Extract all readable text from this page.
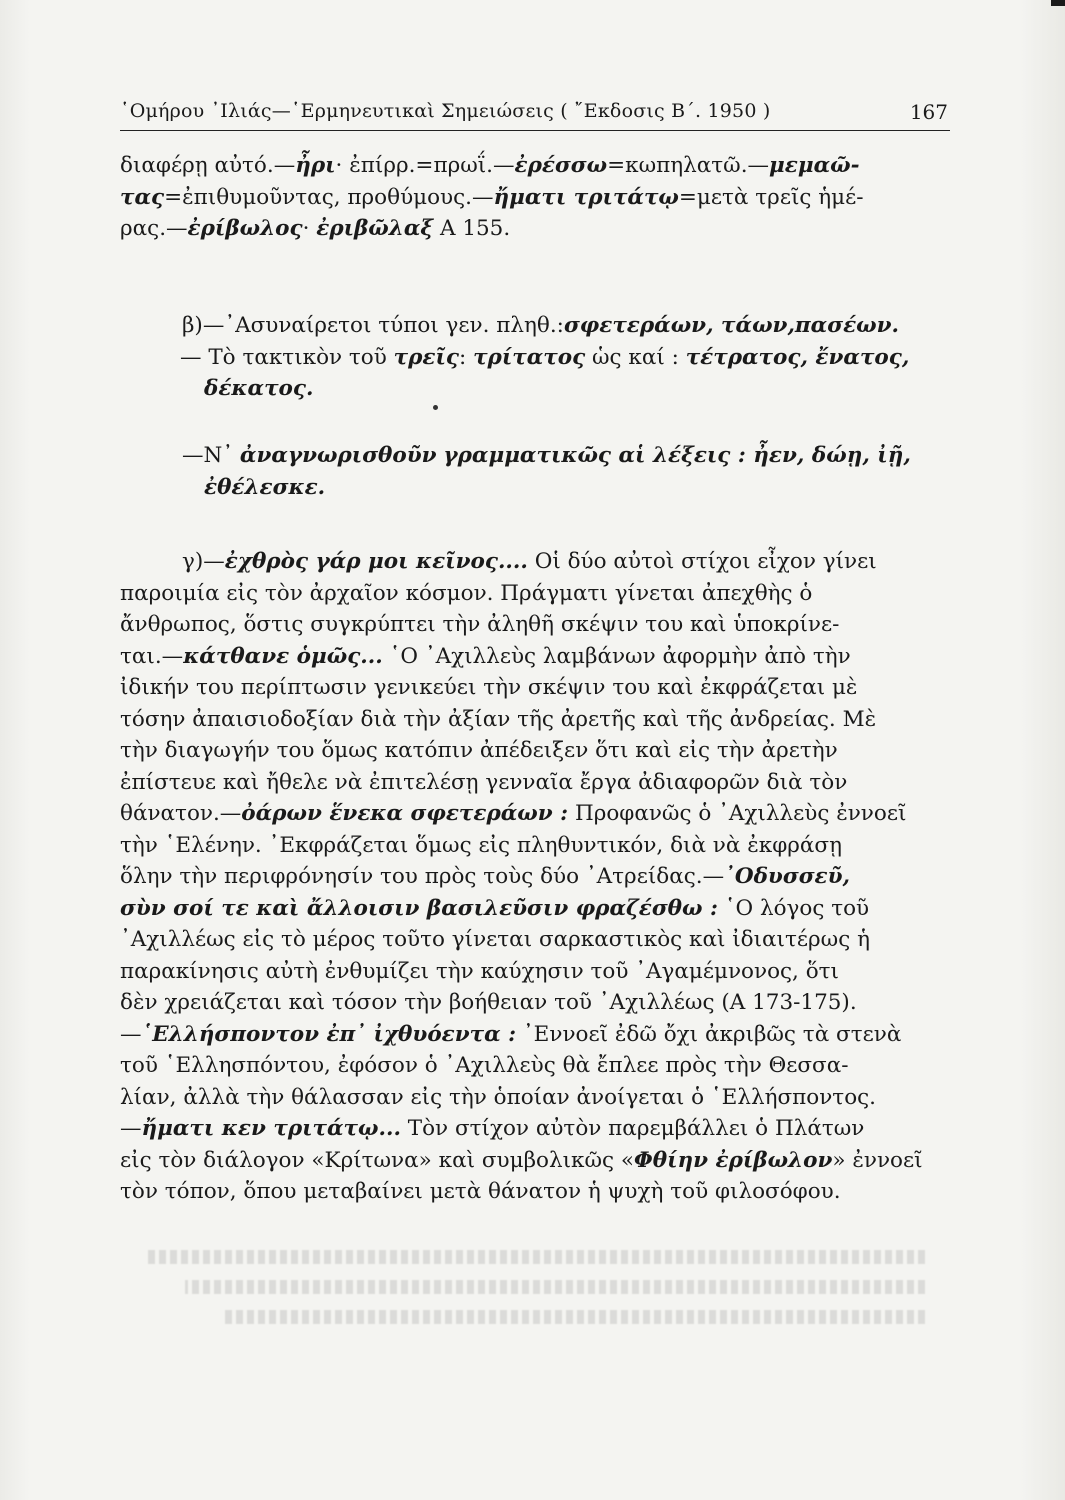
῾Ομήρου ᾽Ιλιάς—῾Ερμηνευτικαὶ Σημειώσεις ( ῎Εκδοσις Β΄. 1950 )	167
διαφέρῃ αὐτό.—ἦρι· ἐπίρρ.=πρωΐ.—ἐρέσσω=κωπηλατῶ.—μεμαῶ-
τας=ἐπιθυμοῦντας, προθύμους.—ἤματι τριτάτῳ=μετὰ τρεῖς ἡμέ-
ρας.—ἐρίβωλος· ἐριβῶλαξ Α 155.
β)—᾽Ασυναίρετοι τύποι γεν. πληθ.:σφετεράων, τάων,πασέων.
— Τὸ τακτικὸν τοῦ τρεῖς: τρίτατος ὡς καί : τέτρατος, ἔνατος,
δέκατος.
—Ν᾽ ἀναγνωρισθοῦν γραμματικῶς αἱ λέξεις : ἦεν, δώῃ, ἰῇ,
ἐθέλεσκε.
γ)—ἐχθρὸς γάρ μοι κεῖνος.... Οἱ δύο αὐτοὶ στίχοι εἶχον γίνει
παροιμία εἰς τὸν ἀρχαῖον κόσμον. Πράγματι γίνεται ἀπεχθὴς ὁ
ἄνθρωπος, ὅστις συγκρύπτει τὴν ἀληθῆ σκέψιν του καὶ ὑποκρίνε-
ται.—κάτθανε ὁμῶς... ῾Ο ᾽Αχιλλεὺς λαμβάνων ἀφορμὴν ἀπὸ τὴν
ἰδικήν του περίπτωσιν γενικεύει τὴν σκέψιν του καὶ ἐκφράζεται μὲ
τόσην ἀπαισιοδοξίαν διὰ τὴν ἀξίαν τῆς ἀρετῆς καὶ τῆς ἀνδρείας. Μὲ
τὴν διαγωγήν του ὅμως κατόπιν ἀπέδειξεν ὅτι καὶ εἰς τὴν ἀρετὴν
ἐπίστευε καὶ ἤθελε νὰ ἐπιτελέσῃ γενναῖα ἔργα ἀδιαφορῶν διὰ τὸν
θάνατον.—ὀάρων ἕνεκα σφετεράων : Προφανῶς ὁ ᾽Αχιλλεὺς ἐννοεῖ
τὴν ῾Ελένην. ᾽Εκφράζεται ὅμως εἰς πληθυντικόν, διὰ νὰ ἐκφράσῃ
ὅλην τὴν περιφρόνησίν του πρὸς τοὺς δύο ᾽Ατρείδας.—᾽Οδυσσεῦ,
σὺν σοί τε καὶ ἄλλοισιν βασιλεῦσιν φραζέσθω : ῾Ο λόγος τοῦ
᾽Αχιλλέως εἰς τὸ μέρος τοῦτο γίνεται σαρκαστικὸς καὶ ἰδιαιτέρως ἡ
παρακίνησις αὐτὴ ἐνθυμίζει τὴν καύχησιν τοῦ ᾽Αγαμέμνονος, ὅτι
δὲν χρειάζεται καὶ τόσον τὴν βοήθειαν τοῦ ᾽Αχιλλέως (Α 173-175).
—῾Ελλήσποντον ἐπ᾽ ἰχθυόεντα : ᾽Εννοεῖ ἐδῶ ὄχι ἀκριβῶς τὰ στενὰ
τοῦ ῾Ελλησπόντου, ἐφόσον ὁ ᾽Αχιλλεὺς θὰ ἔπλεε πρὸς τὴν Θεσσα-
λίαν, ἀλλὰ τὴν θάλασσαν εἰς τὴν ὁποίαν ἀνοίγεται ὁ ῾Ελλήσποντος.
—ἤματι κεν τριτάτῳ... Τὸν στίχον αὐτὸν παρεμβάλλει ὁ Πλάτων
εἰς τὸν διάλογον «Κρίτωνα» καὶ συμβολικῶς «Φθίην ἐρίβωλον» ἐννοεῖ
τὸν τόπον, ὅπου μεταβαίνει μετὰ θάνατον ἡ ψυχὴ τοῦ φιλοσόφου.
